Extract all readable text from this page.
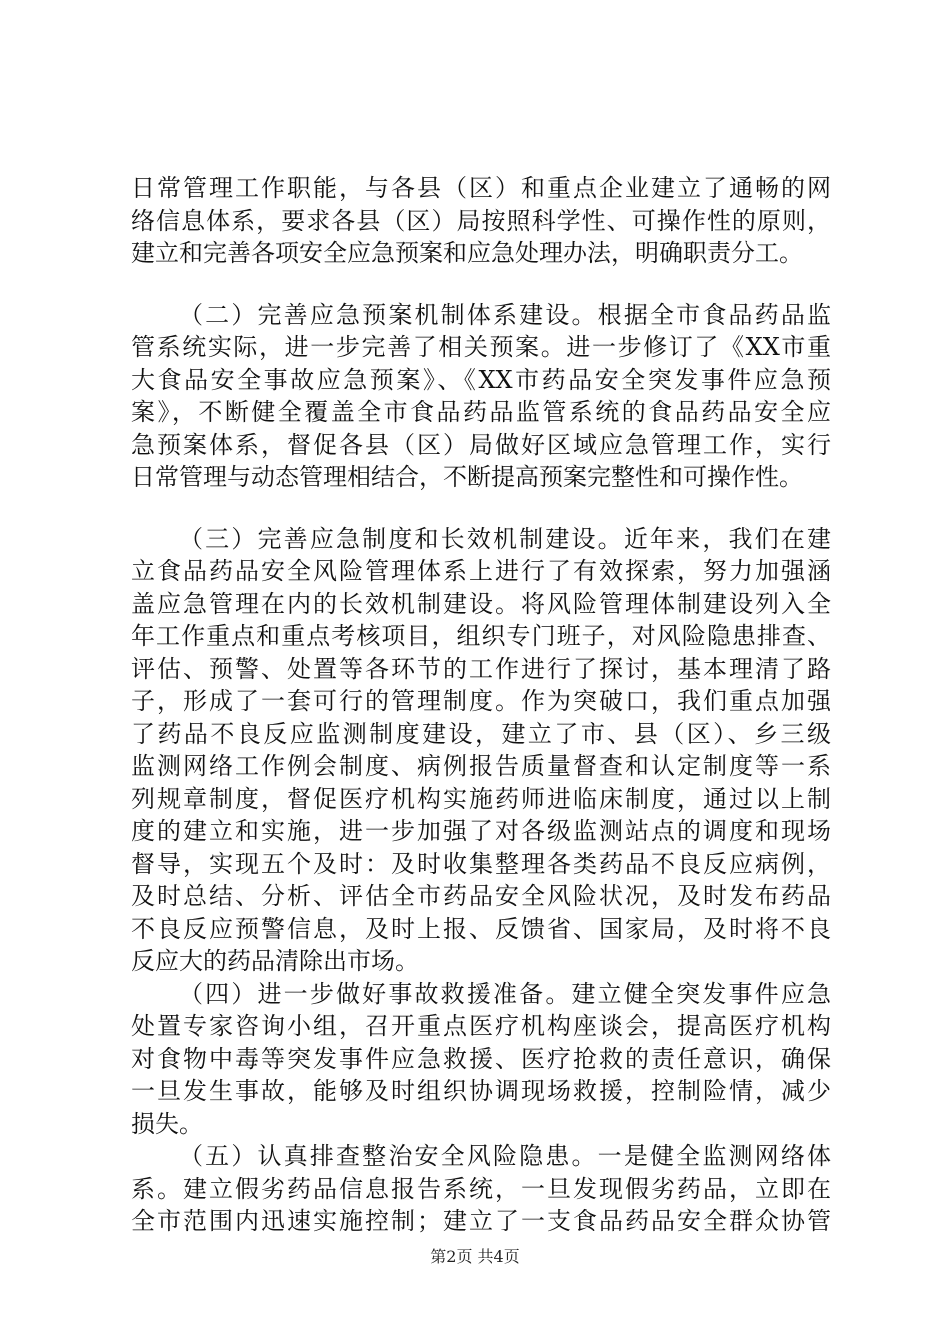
日常管理工作职能，与各县（区）和重点企业建立了通畅的网
络信息体系，要求各县（区）局按照科学性、可操作性的原则，
建立和完善各项安全应急预案和应急处理办法，明确职责分工。
（二）完善应急预案机制体系建设。根据全市食品药品监
管系统实际，进一步完善了相关预案。进一步修订了《XX市重
大食品安全事故应急预案》、《XX市药品安全突发事件应急预
案》，不断健全覆盖全市食品药品监管系统的食品药品安全应
急预案体系，督促各县（区）局做好区域应急管理工作，实行
日常管理与动态管理相结合，不断提高预案完整性和可操作性。
（三）完善应急制度和长效机制建设。近年来，我们在建
立食品药品安全风险管理体系上进行了有效探索，努力加强涵
盖应急管理在内的长效机制建设。将风险管理体制建设列入全
年工作重点和重点考核项目，组织专门班子，对风险隐患排查、
评估、预警、处置等各环节的工作进行了探讨，基本理清了路
子，形成了一套可行的管理制度。作为突破口，我们重点加强
了药品不良反应监测制度建设，建立了市、县（区）、乡三级
监测网络工作例会制度、病例报告质量督查和认定制度等一系
列规章制度，督促医疗机构实施药师进临床制度，通过以上制
度的建立和实施，进一步加强了对各级监测站点的调度和现场
督导，实现五个及时：及时收集整理各类药品不良反应病例，
及时总结、分析、评估全市药品安全风险状况，及时发布药品
不良反应预警信息，及时上报、反馈省、国家局，及时将不良
反应大的药品清除出市场。
（四）进一步做好事故救援准备。建立健全突发事件应急
处置专家咨询小组，召开重点医疗机构座谈会，提高医疗机构
对食物中毒等突发事件应急救援、医疗抢救的责任意识，确保
一旦发生事故，能够及时组织协调现场救援，控制险情，减少
损失。
（五）认真排查整治安全风险隐患。一是健全监测网络体
系。建立假劣药品信息报告系统，一旦发现假劣药品，立即在
全市范围内迅速实施控制；建立了一支食品药品安全群众协管
第2页 共4页
